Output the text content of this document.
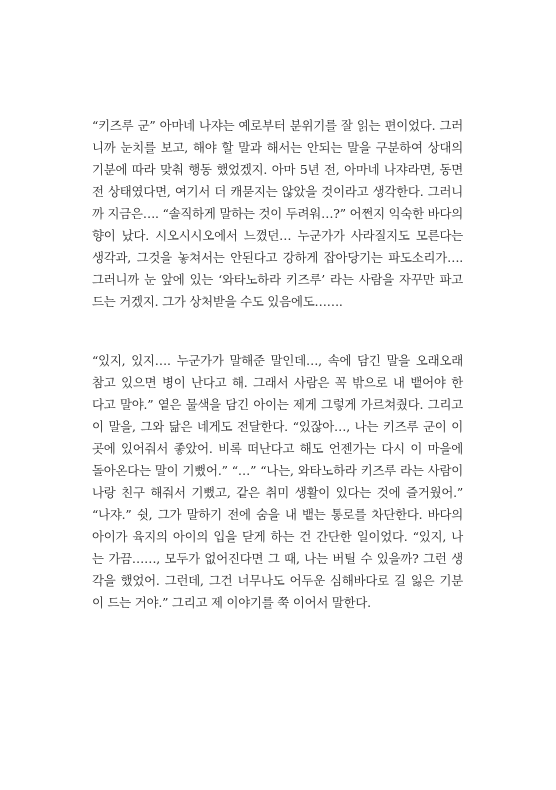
“키즈루 군” 아마네 나쟈는 예로부터 분위기를 잘 읽는 편이었다. 그러
니까 눈치를 보고, 해야 할 말과 해서는 안되는 말을 구분하여 상대의
기분에 따라 맞춰 행동 했었겠지. 아마 5년 전, 아마네 나쟈라면, 동면
전 상태였다면, 여기서 더 캐묻지는 않았을 것이라고 생각한다. 그러니
까 지금은…. “솔직하게 말하는 것이 두려워…?” 어쩐지 익숙한 바다의
향이 났다. 시오시시오에서 느꼈던… 누군가가 사라질지도 모른다는
생각과, 그것을 놓쳐서는 안된다고 강하게 잡아당기는 파도소리가….
그러니까 눈 앞에 있는 ‘와타노하라 키즈루’ 라는 사람을 자꾸만 파고
드는 거겠지. 그가 상처받을 수도 있음에도…….
“있지, 있지…. 누군가가 말해준 말인데…, 속에 담긴 말을 오래오래
참고 있으면 병이 난다고 해. 그래서 사람은 꼭 밖으로 내 뱉어야 한
다고 말야.” 옅은 물색을 담긴 아이는 제게 그렇게 가르쳐줬다. 그리고
이 말을, 그와 닮은 네게도 전달한다. “있잖아…, 나는 키즈루 군이 이
곳에 있어줘서 좋았어. 비록 떠난다고 해도 언젠가는 다시 이 마을에
돌아온다는 말이 기뻤어.” “…” “나는, 와타노하라 키즈루 라는 사람이
나랑 친구 해줘서 기뻤고, 같은 취미 생활이 있다는 것에 즐거웠어.”
“나쟈.” 쉿, 그가 말하기 전에 숨을 내 뱉는 통로를 차단한다. 바다의
아이가 육지의 아이의 입을 닫게 하는 건 간단한 일이었다. “있지, 나
는 가끔……, 모두가 없어진다면 그 때, 나는 버틸 수 있을까? 그런 생
각을 했었어. 그런데, 그건 너무나도 어두운 심해바다로 길 잃은 기분
이 드는 거야.” 그리고 제 이야기를 쭉 이어서 말한다.
